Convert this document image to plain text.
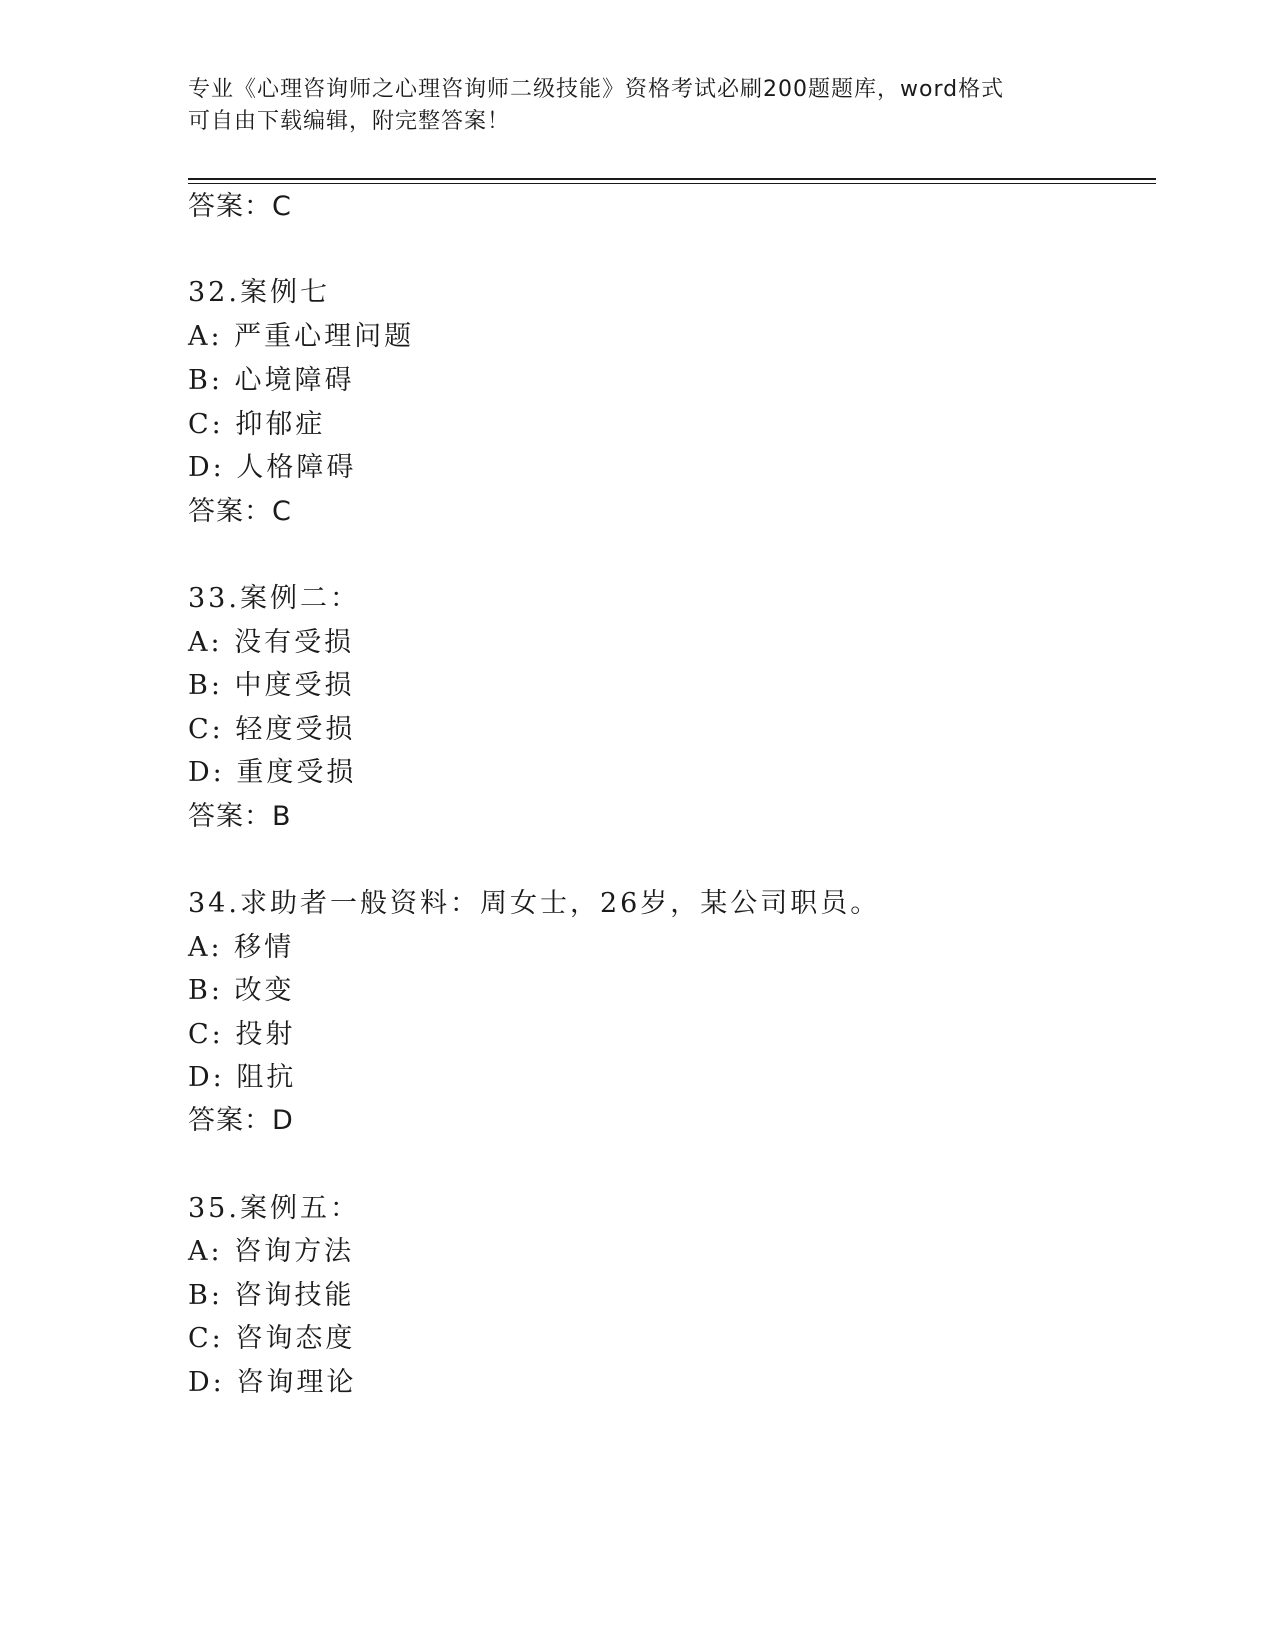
专业《心理咨询师之心理咨询师二级技能》资格考试必刷200题题库，word格式
可自由下载编辑，附完整答案！
答案：C
32.案例七
A: 严重心理问题
B: 心境障碍
C: 抑郁症
D: 人格障碍
答案：C
33.案例二：
A: 没有受损
B: 中度受损
C: 轻度受损
D: 重度受损
答案：B
34.求助者一般资料：周女士，26岁，某公司职员。
A: 移情
B: 改变
C: 投射
D: 阻抗
答案：D
35.案例五：
A: 咨询方法
B: 咨询技能
C: 咨询态度
D: 咨询理论
